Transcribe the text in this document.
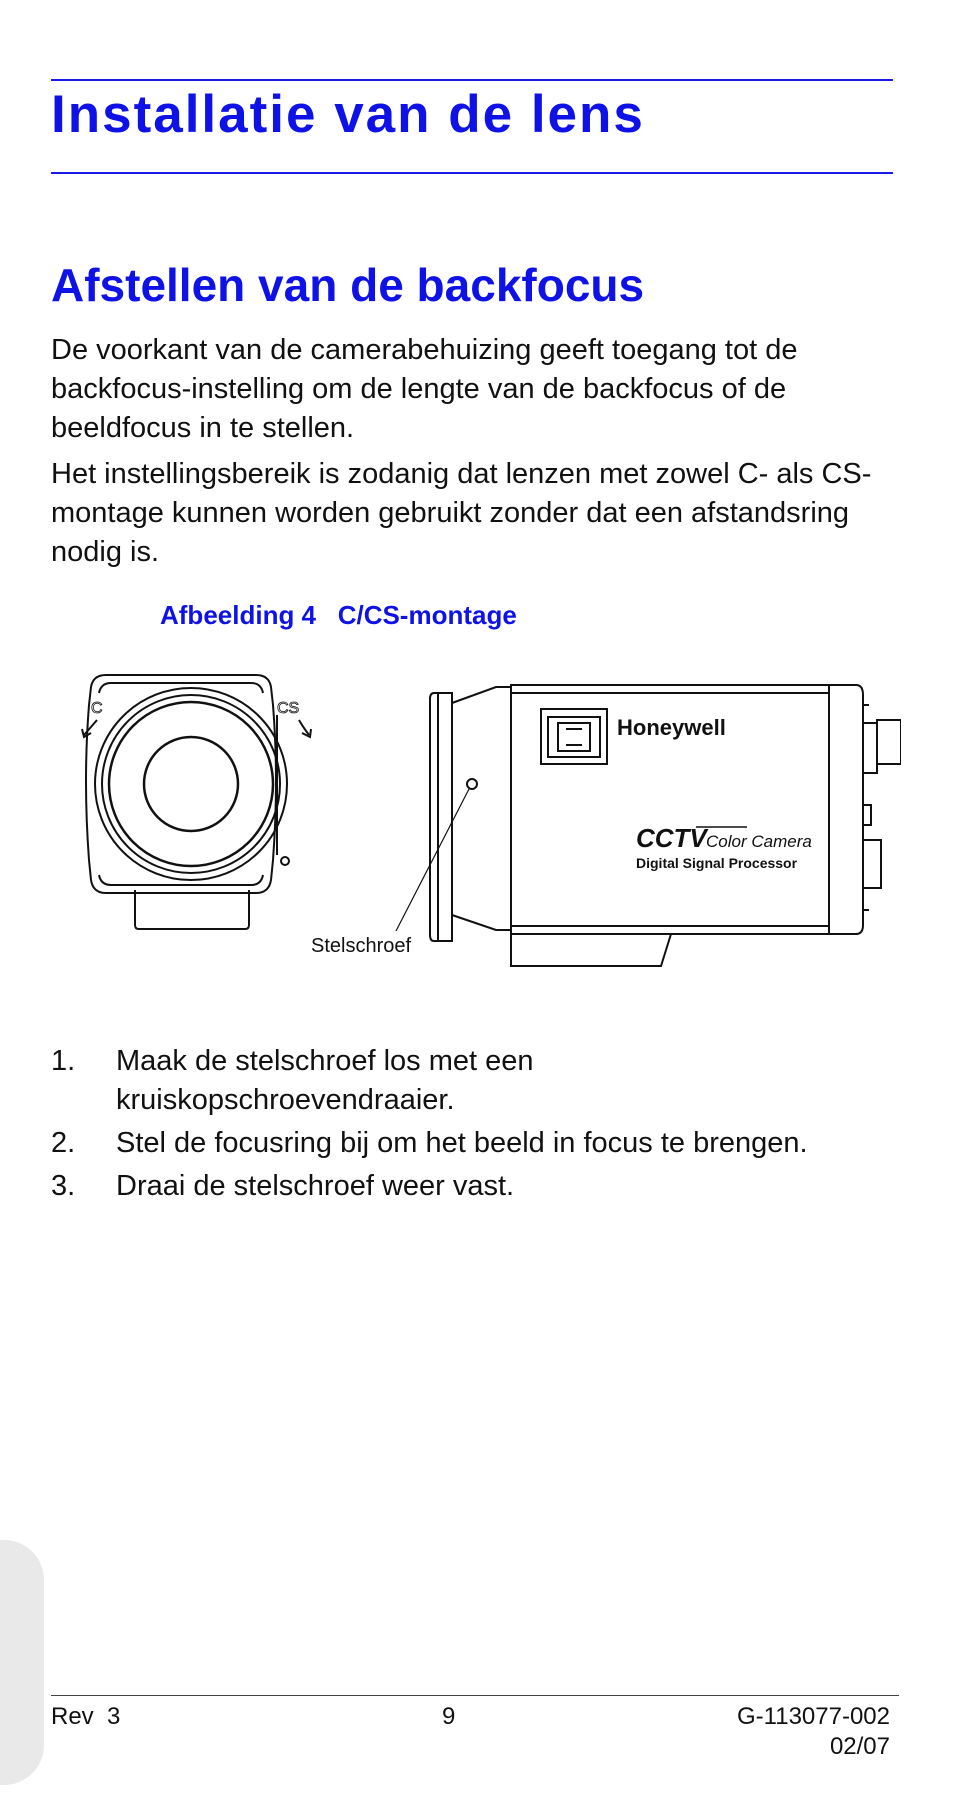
Installatie van de lens
Afstellen van de backfocus

De voorkant van de camerabehuizing geeft toegang tot de backfocus-instelling om de lengte van de backfocus of de beeldfocus in te stellen.

Het instellingsbereik is zodanig dat lenzen met zowel C- als CS-montage kunnen worden gebruikt zonder dat een afstandsring nodig is.

Afbeelding 4 C/CS-montage

C	CS
Honeywell
CCTV Color Camera
Digital Signal Processor
Stelschroef
1.	Maak de stelschroef los met een kruiskopschroevendraaier.
2.	Stel de focusring bij om het beeld in focus te brengen.
3.	Draai de stelschroef weer vast.
Rev  3	9	G-113077-002
02/07
